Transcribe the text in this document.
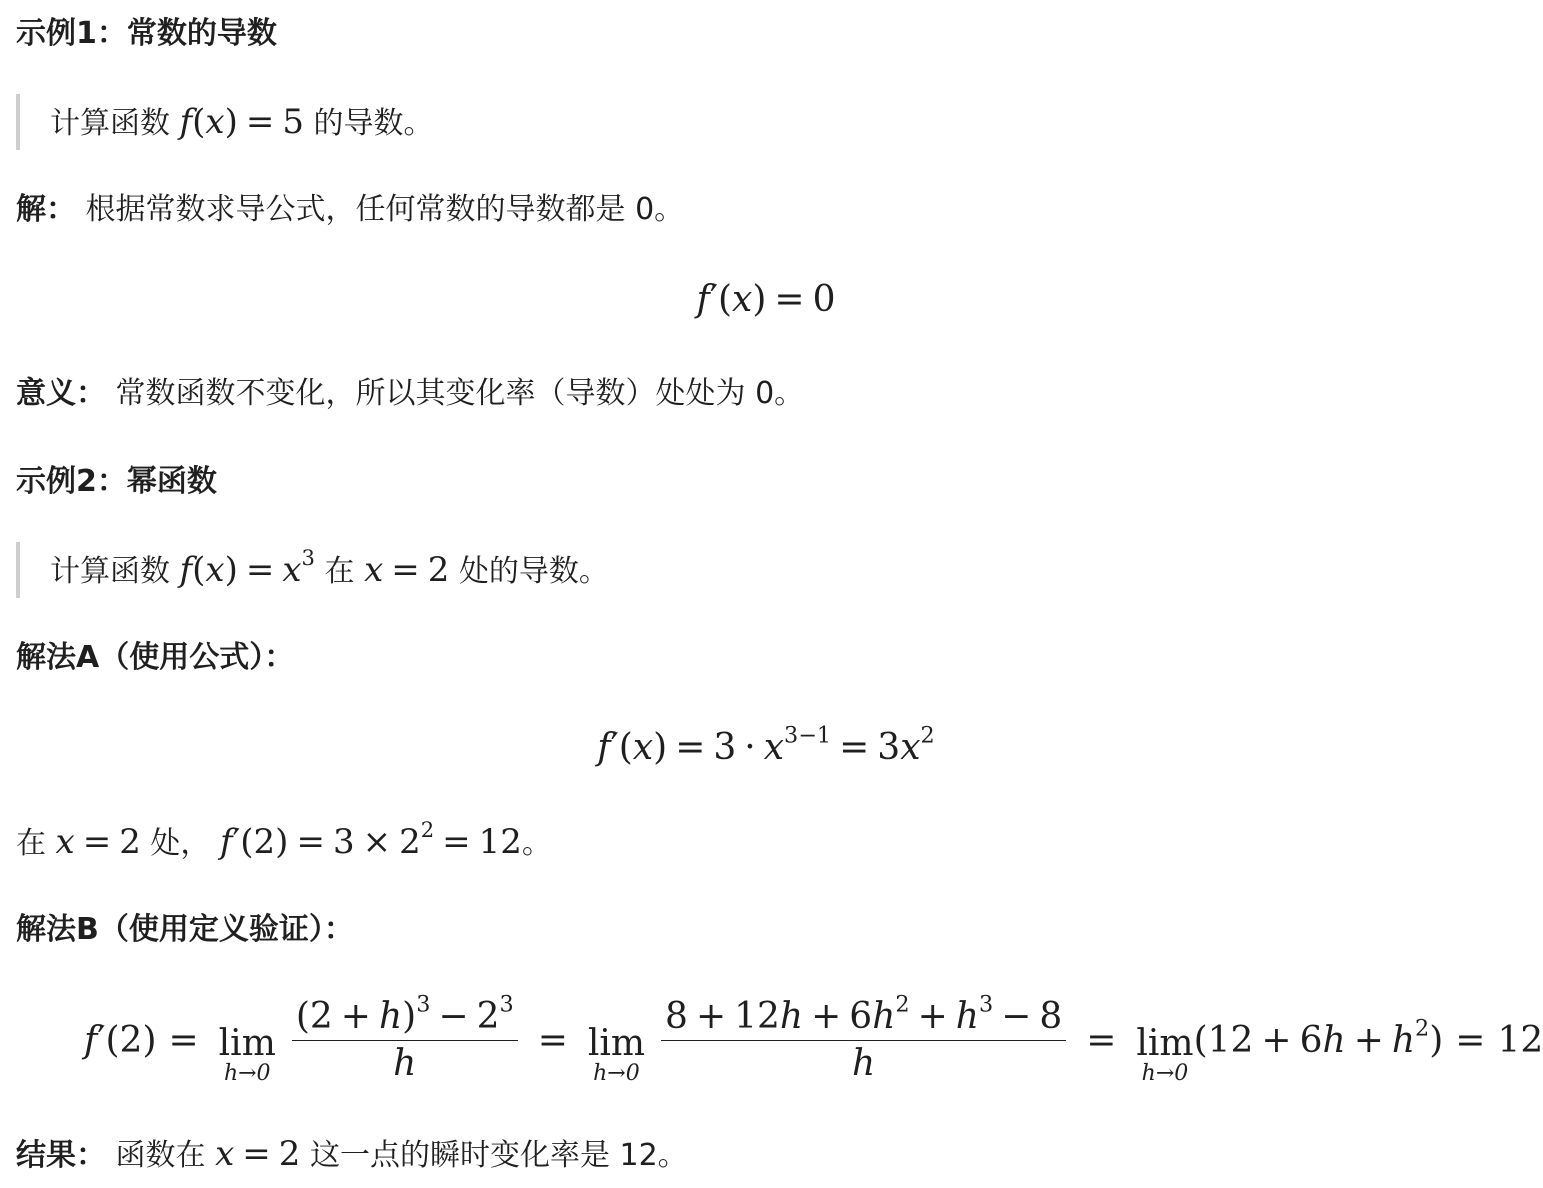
示例1：常数的导数
计算函数 f(x) = 5 的导数。
解： 根据常数求导公式，任何常数的导数都是 0。
f′(x) = 0
意义： 常数函数不变化，所以其变化率（导数）处处为 0。
示例2：幂函数
计算函数 $f(x) = x^3$ 在 x = 2 处的导数。
解法A（使用公式）：
$f'(x) = 3 \cdot x^{3-1} = 3x^2$
在 x = 2 处， $f'(2) = 3 \times 2^2 = 12$。
解法B（使用定义验证）：
f′(2) = lim
$h\to 0 \frac{(2 + h)^3 - 2^3}{h} = \lim$
$h\to 0 \frac{8 + 12h + 6h^2 + h^3 - 8}{h} = \lim$
h→0
$(12 + 6h + h^2) = 12$
结果： 函数在 x = 2 这一点的瞬时变化率是 12。
